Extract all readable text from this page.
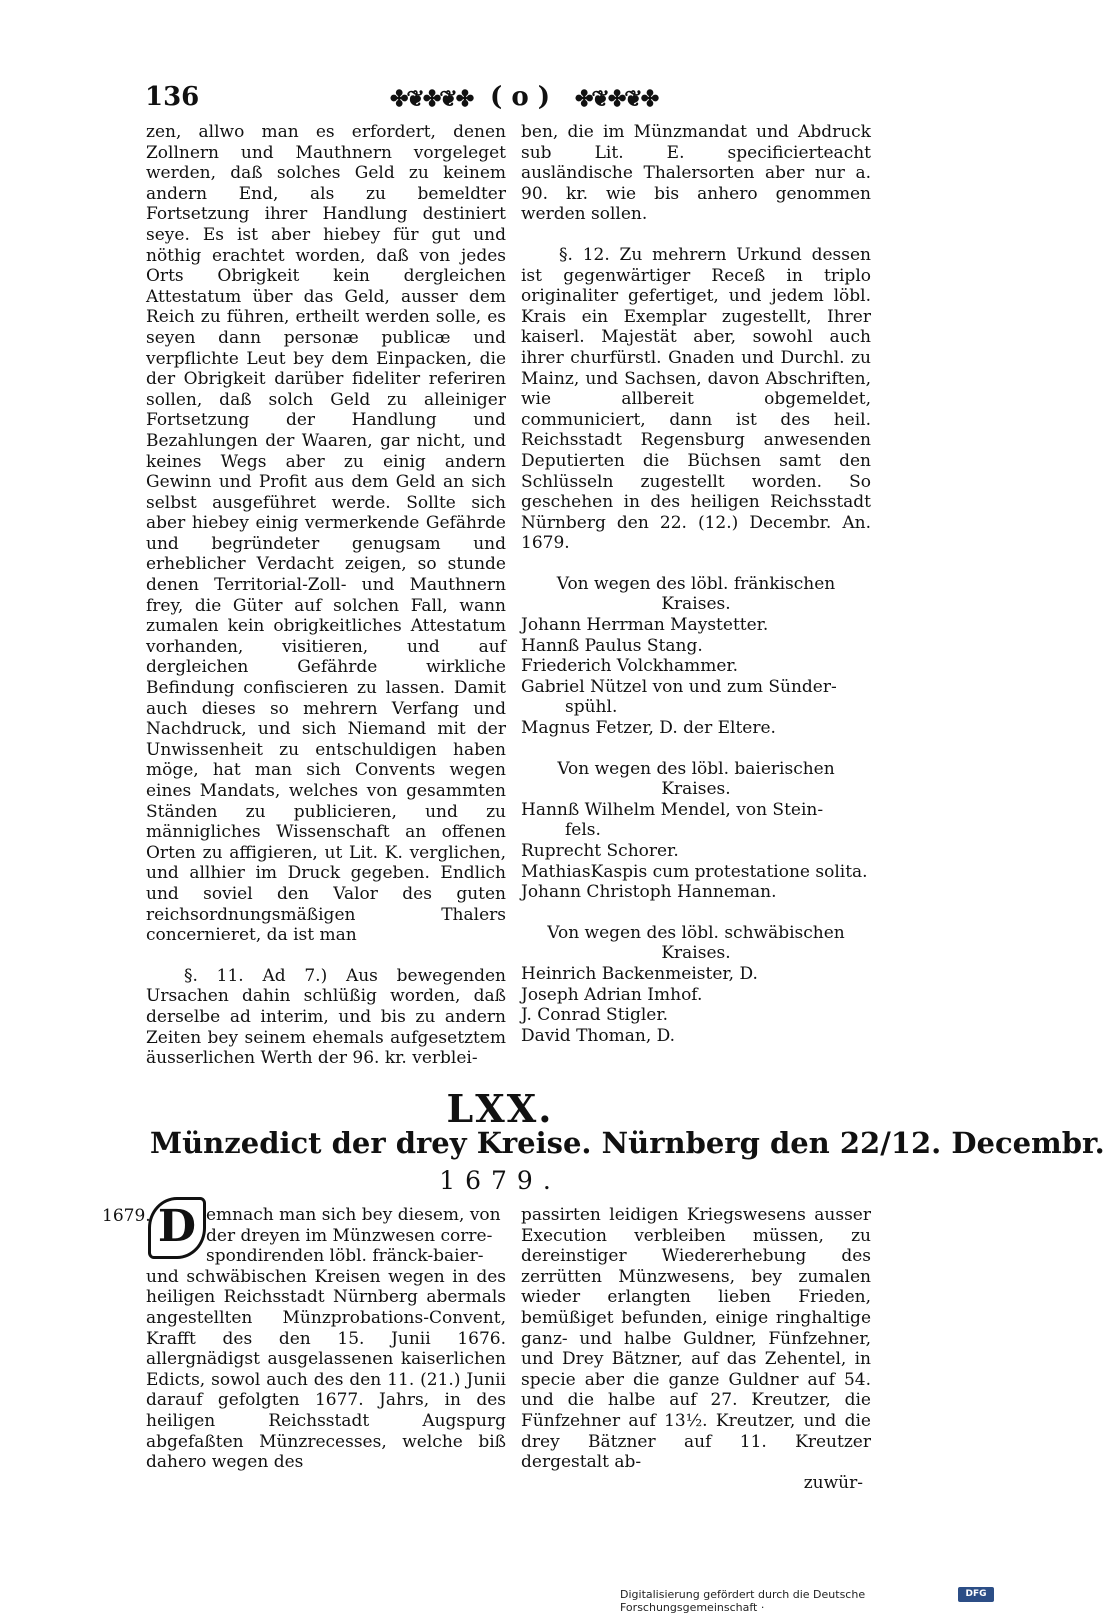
136	✤❦✤❦✤ ( o ) ✤❦✤❦✤

zen, allwo man es erfordert, denen Zollnern und Mauthnern vorgeleget werden, daß solches Geld zu keinem andern End, als zu bemeldter Fortsetzung ihrer Handlung destiniert seye. Es ist aber hiebey für gut und nöthig erachtet worden, daß von jedes Orts Obrigkeit kein dergleichen Attestatum über das Geld, ausser dem Reich zu führen, ertheilt werden solle, es seyen dann personæ publicæ und verpflichte Leut bey dem Einpacken, die der Obrigkeit darüber fideliter referiren sollen, daß solch Geld zu alleiniger Fortsetzung der Handlung und Bezahlungen der Waaren, gar nicht, und keines Wegs aber zu einig andern Gewinn und Profit aus dem Geld an sich selbst ausgeführet werde. Sollte sich aber hiebey einig vermerkende Gefährde und begründeter genugsam und erheblicher Verdacht zeigen, so stunde denen Territorial-Zoll- und Mauthnern frey, die Güter auf solchen Fall, wann zumalen kein obrigkeitliches Attestatum vorhanden, visitieren, und auf dergleichen Gefährde wirkliche Befindung confiscieren zu lassen. Damit auch dieses so mehrern Verfang und Nachdruck, und sich Niemand mit der Unwissenheit zu entschuldigen haben möge, hat man sich Convents wegen eines Mandats, welches von gesammten Ständen zu publicieren, und zu männigliches Wissenschaft an offenen Orten zu affigieren, ut Lit. K. verglichen, und allhier im Druck gegeben. Endlich und soviel den Valor des guten reichsordnungsmäßigen Thalers concernieret, da ist man

§. 11. Ad 7.) Aus bewegenden Ursachen dahin schlüßig worden, daß derselbe ad interim, und bis zu andern Zeiten bey seinem ehemals aufgesetztem äusserlichen Werth der 96. kr. verblei-

ben, die im Münzmandat und Abdruck sub Lit. E. specificierteacht ausländische Thalersorten aber nur a. 90. kr. wie bis anhero genommen werden sollen.

§. 12. Zu mehrern Urkund dessen ist gegenwärtiger Receß in triplo originaliter gefertiget, und jedem löbl. Krais ein Exemplar zugestellt, Ihrer kaiserl. Majestät aber, sowohl auch ihrer churfürstl. Gnaden und Durchl. zu Mainz, und Sachsen, davon Abschriften, wie allbereit obgemeldet, communiciert, dann ist des heil. Reichsstadt Regensburg anwesenden Deputierten die Büchsen samt den Schlüsseln zugestellt worden. So geschehen in des heiligen Reichsstadt Nürnberg den 22. (12.) Decembr. An. 1679.

Von wegen des löbl. fränkischen
Kraises.

Johann Herrman Maystetter.

Hannß Paulus Stang.

Friederich Volckhammer.

Gabriel Nützel von und zum Sünder-

spühl.

Magnus Fetzer, D. der Eltere.

Von wegen des löbl. baierischen
Kraises.

Hannß Wilhelm Mendel, von Stein-

fels.

Ruprecht Schorer.

MathiasKaspis cum protestatione solita.

Johann Christoph Hanneman.

Von wegen des löbl. schwäbischen
Kraises.

Heinrich Backenmeister, D.

Joseph Adrian Imhof.

J. Conrad Stigler.

David Thoman, D.

LXX.
Münzedict der drey Kreise. Nürnberg den 22/12. Decembr.
1679.
1679. D emnach man sich bey diesem, von
der dreyen im Münzwesen corre-
spondirenden löbl. fränck-baier-

und schwäbischen Kreisen wegen in des heiligen Reichsstadt Nürnberg abermals angestellten Münzprobations-Convent, Krafft des den 15. Junii 1676. allergnädigst ausgelassenen kaiserlichen Edicts, sowol auch des den 11. (21.) Junii darauf gefolgten 1677. Jahrs, in des heiligen Reichsstadt Augspurg abgefaßten Münzrecesses, welche biß dahero wegen des

passirten leidigen Kriegswesens ausser Execution verbleiben müssen, zu dereinstiger Wiedererhebung des zerrütten Münzwesens, bey zumalen wieder erlangten lieben Frieden, bemüßiget befunden, einige ringhaltige ganz- und halbe Guldner, Fünfzehner, und Drey Bätzner, auf das Zehentel, in specie aber die ganze Guldner auf 54. und die halbe auf 27. Kreutzer, die Fünfzehner auf 13½. Kreutzer, und die drey Bätzner auf 11. Kreutzer dergestalt ab-

zuwür-

Digitalisierung gefördert durch die Deutsche Forschungsgemeinschaft ·
DFG
